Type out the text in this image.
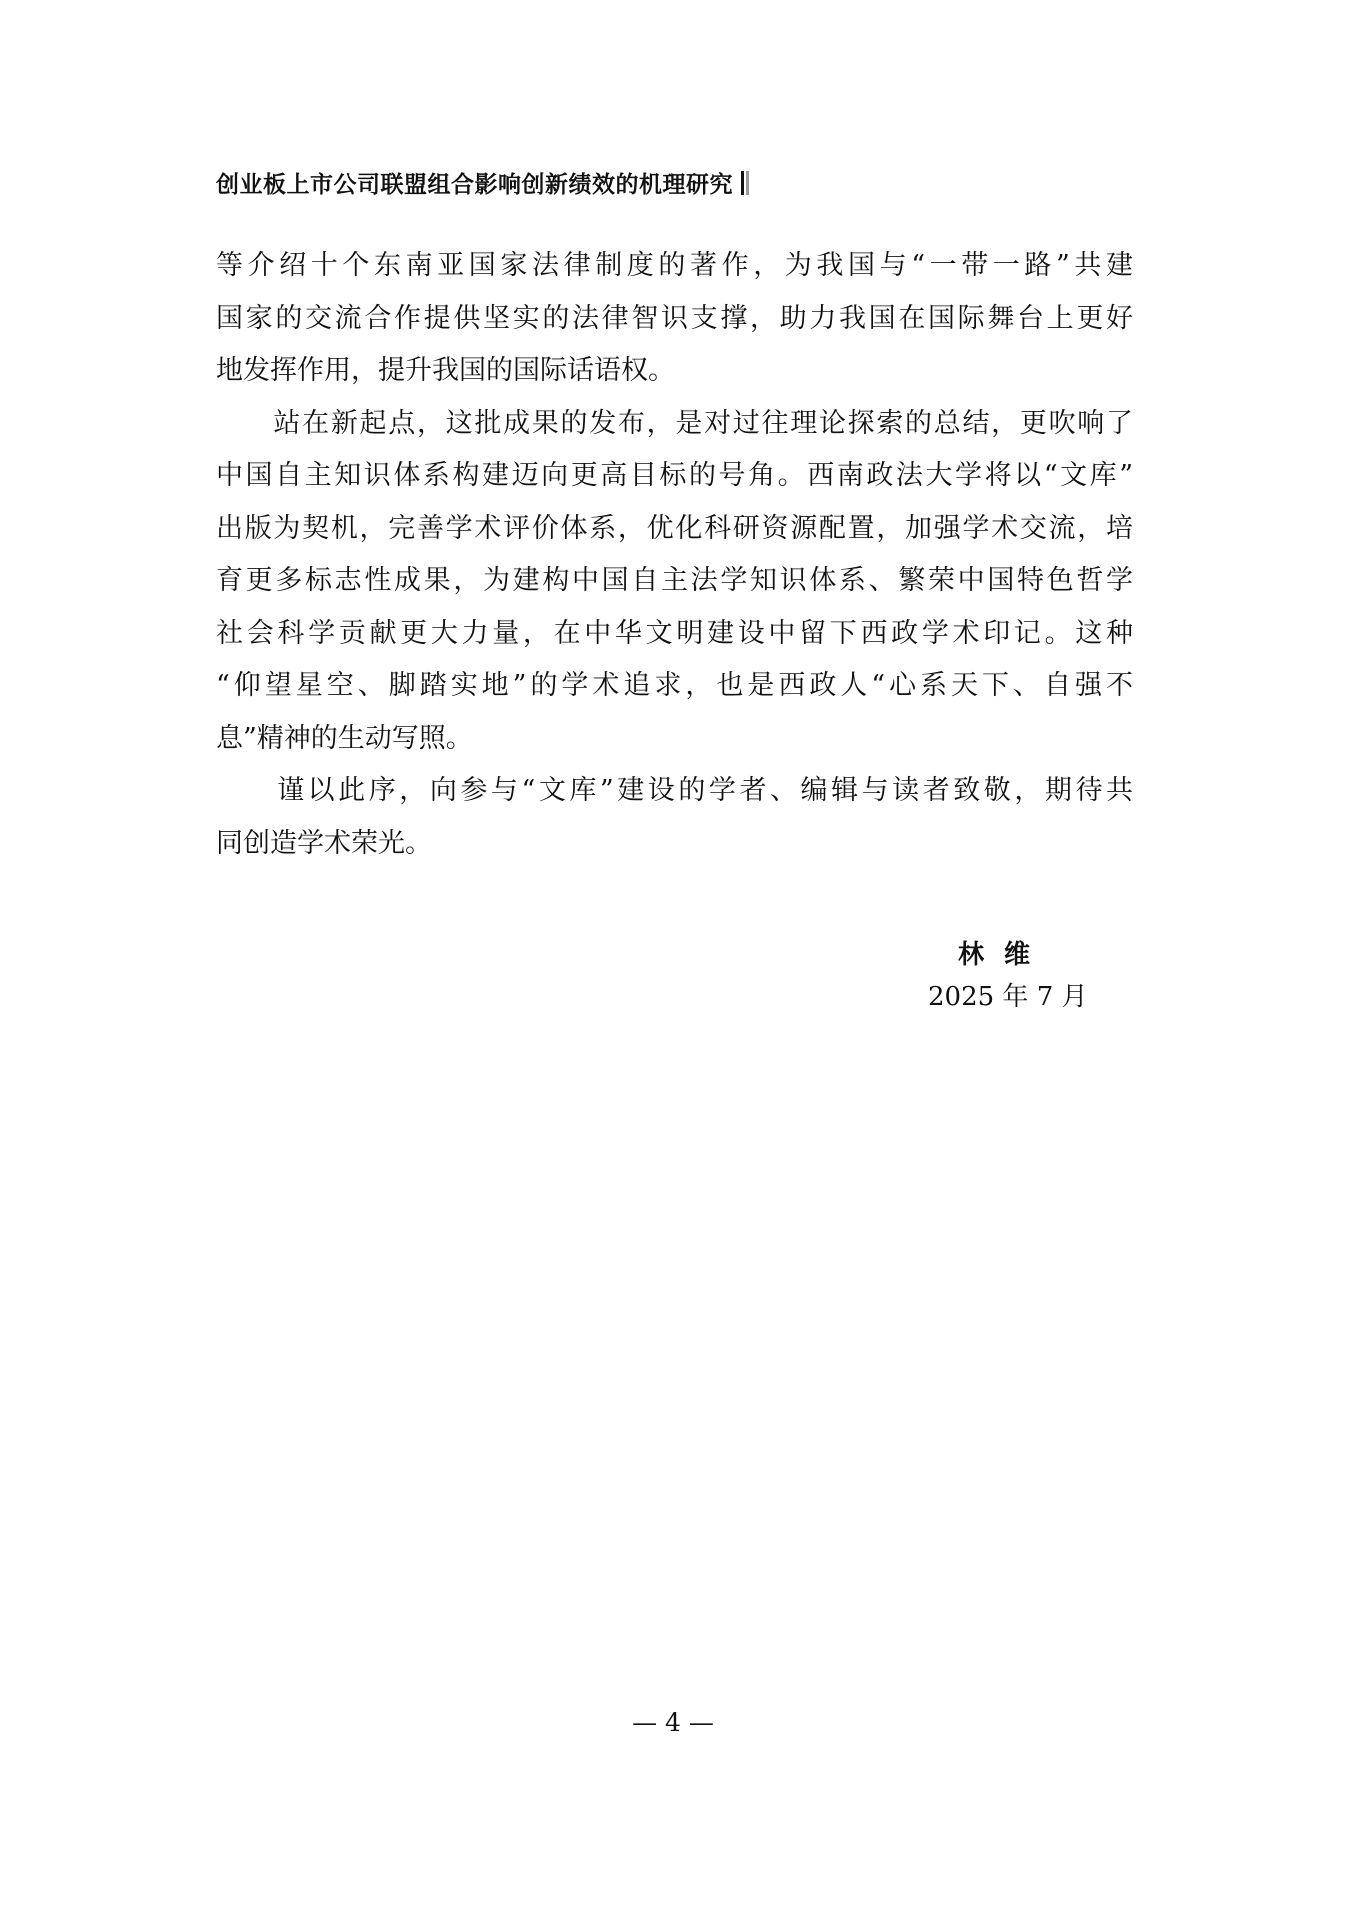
创业板上市公司联盟组合影响创新绩效的机理研究
等介绍十个东南亚国家法律制度的著作，为我国与“一带一路”共建
国家的交流合作提供坚实的法律智识支撑，助力我国在国际舞台上更好
地发挥作用，提升我国的国际话语权。
　　站在新起点，这批成果的发布，是对过往理论探索的总结，更吹响了
中国自主知识体系构建迈向更高目标的号角。西南政法大学将以“文库”
出版为契机，完善学术评价体系，优化科研资源配置，加强学术交流，培
育更多标志性成果，为建构中国自主法学知识体系、繁荣中国特色哲学
社会科学贡献更大力量，在中华文明建设中留下西政学术印记。这种
“仰望星空、脚踏实地”的学术追求，也是西政人“心系天下、自强不
息”精神的生动写照。
　　谨以此序，向参与“文库”建设的学者、编辑与读者致敬，期待共
同创造学术荣光。
林维
2025 年 7 月
— 4 —
